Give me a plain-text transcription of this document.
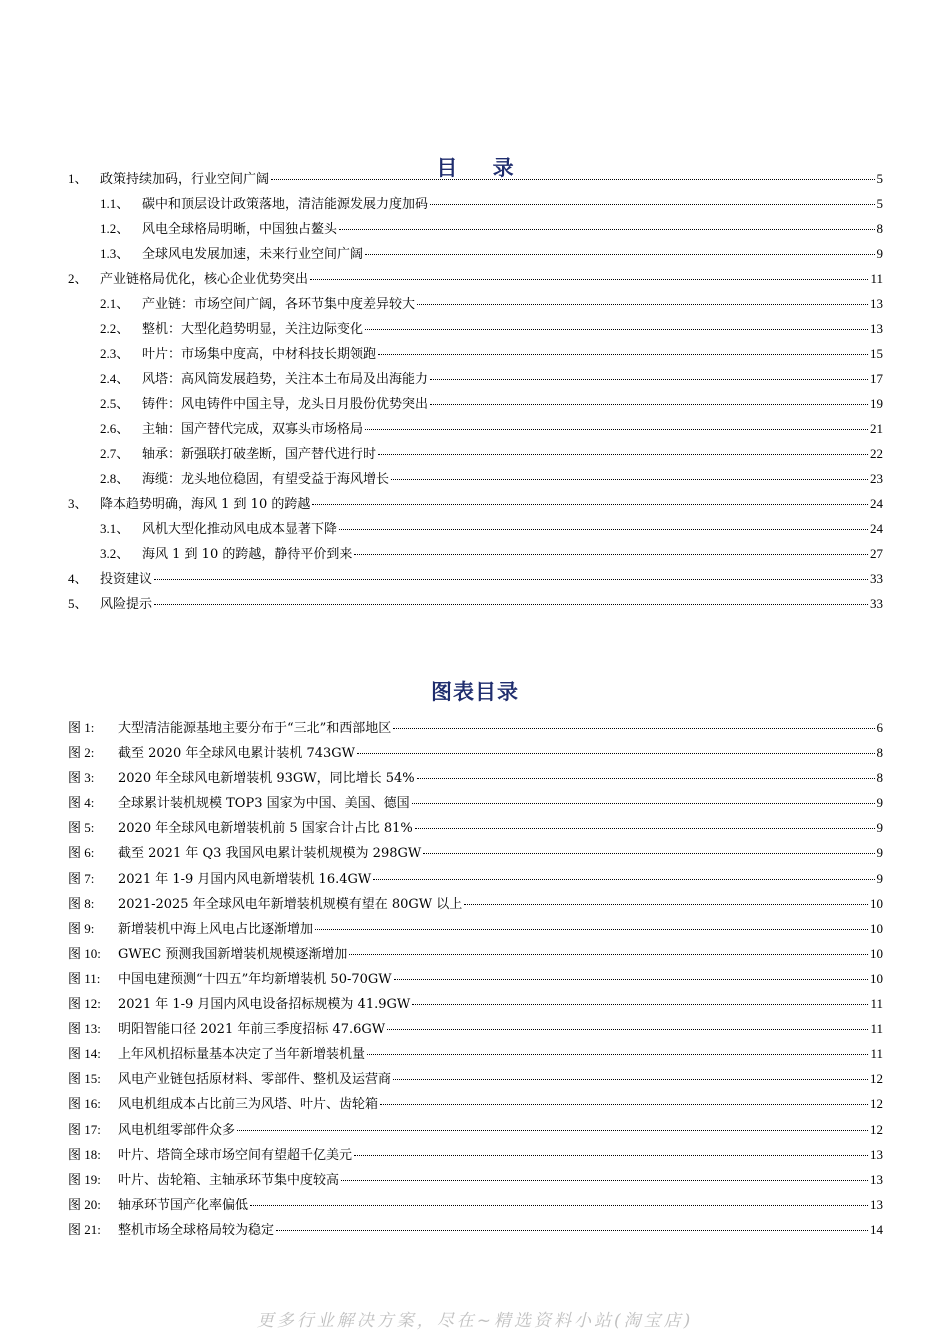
目 录
1、 政策持续加码，行业空间广阔	5
1.1、 碳中和顶层设计政策落地，清洁能源发展力度加码	5
1.2、 风电全球格局明晰，中国独占鳌头	8
1.3、 全球风电发展加速，未来行业空间广阔	9
2、 产业链格局优化，核心企业优势突出	11
2.1、 产业链：市场空间广阔，各环节集中度差异较大	13
2.2、 整机：大型化趋势明显，关注边际变化	13
2.3、 叶片：市场集中度高，中材科技长期领跑	15
2.4、 风塔：高风筒发展趋势，关注本土布局及出海能力	17
2.5、 铸件：风电铸件中国主导，龙头日月股份优势突出	19
2.6、 主轴：国产替代完成，双寡头市场格局	21
2.7、 轴承：新强联打破垄断，国产替代进行时	22
2.8、 海缆：龙头地位稳固，有望受益于海风增长	23
3、 降本趋势明确，海风 1 到 10 的跨越	24
3.1、 风机大型化推动风电成本显著下降	24
3.2、 海风 1 到 10 的跨越，静待平价到来	27
4、 投资建议	33
5、 风险提示	33
图表目录
图 1:	大型清洁能源基地主要分布于“三北”和西部地区	6
图 2:	截至 2020 年全球风电累计装机 743GW	8
图 3:	2020 年全球风电新增装机 93GW，同比增长 54%	8
图 4:	全球累计装机规模 TOP3 国家为中国、美国、德国	9
图 5:	2020 年全球风电新增装机前 5 国家合计占比 81%	9
图 6:	截至 2021 年 Q3 我国风电累计装机规模为 298GW	9
图 7:	2021 年 1-9 月国内风电新增装机 16.4GW	9
图 8:	2021-2025 年全球风电年新增装机规模有望在 80GW 以上	10
图 9:	新增装机中海上风电占比逐渐增加	10
图 10:	GWEC 预测我国新增装机规模逐渐增加	10
图 11:	中国电建预测“十四五”年均新增装机 50-70GW	10
图 12:	2021 年 1-9 月国内风电设备招标规模为 41.9GW	11
图 13:	明阳智能口径 2021 年前三季度招标 47.6GW	11
图 14:	上年风机招标量基本决定了当年新增装机量	11
图 15:	风电产业链包括原材料、零部件、整机及运营商	12
图 16:	风电机组成本占比前三为风塔、叶片、齿轮箱	12
图 17:	风电机组零部件众多	12
图 18:	叶片、塔筒全球市场空间有望超千亿美元	13
图 19:	叶片、齿轮箱、主轴承环节集中度较高	13
图 20:	轴承环节国产化率偏低	13
图 21:	整机市场全球格局较为稳定	14
更多行业解决方案，尽在~精选资料小站(淘宝店)
